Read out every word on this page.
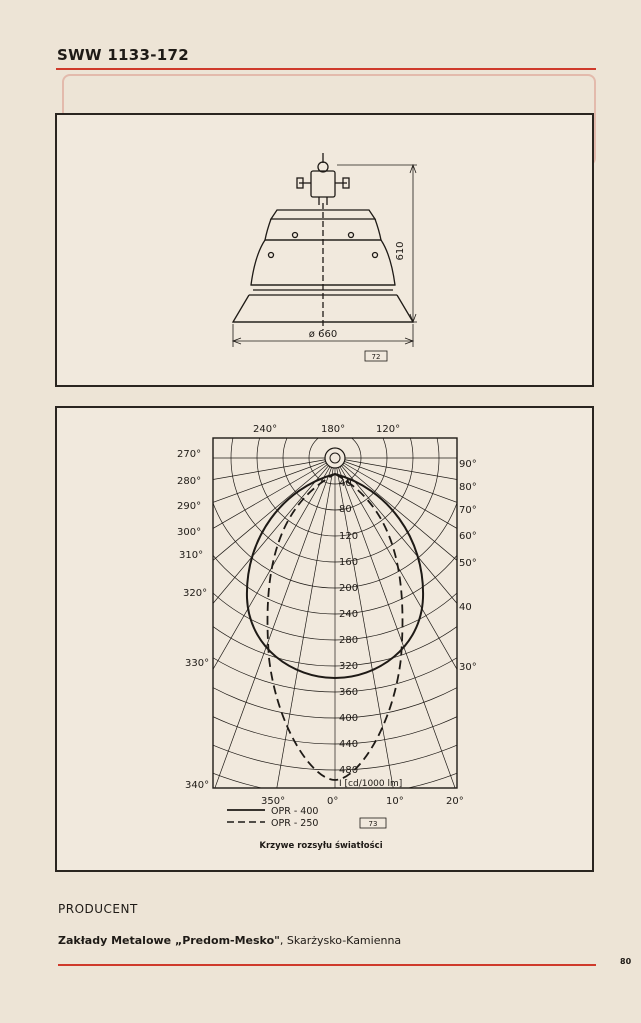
SWW 1133-172
610
ø 660
72
240°	180°	120°
270°
280°
290°
300°
310°
320°
330°
340°
350°	0°	10°	20°
90°
80°
70°
60°
50°
40
30°
40
80
120
160
200
240
280
320
360
400
440
480
I [cd/1000 lm]
OPR - 400
OPR - 250	73
Krzywe rozsyłu światłości
PRODUCENT
Zakłady Metalowe „Predom-Mesko", Skarżysko-Kamienna
80
